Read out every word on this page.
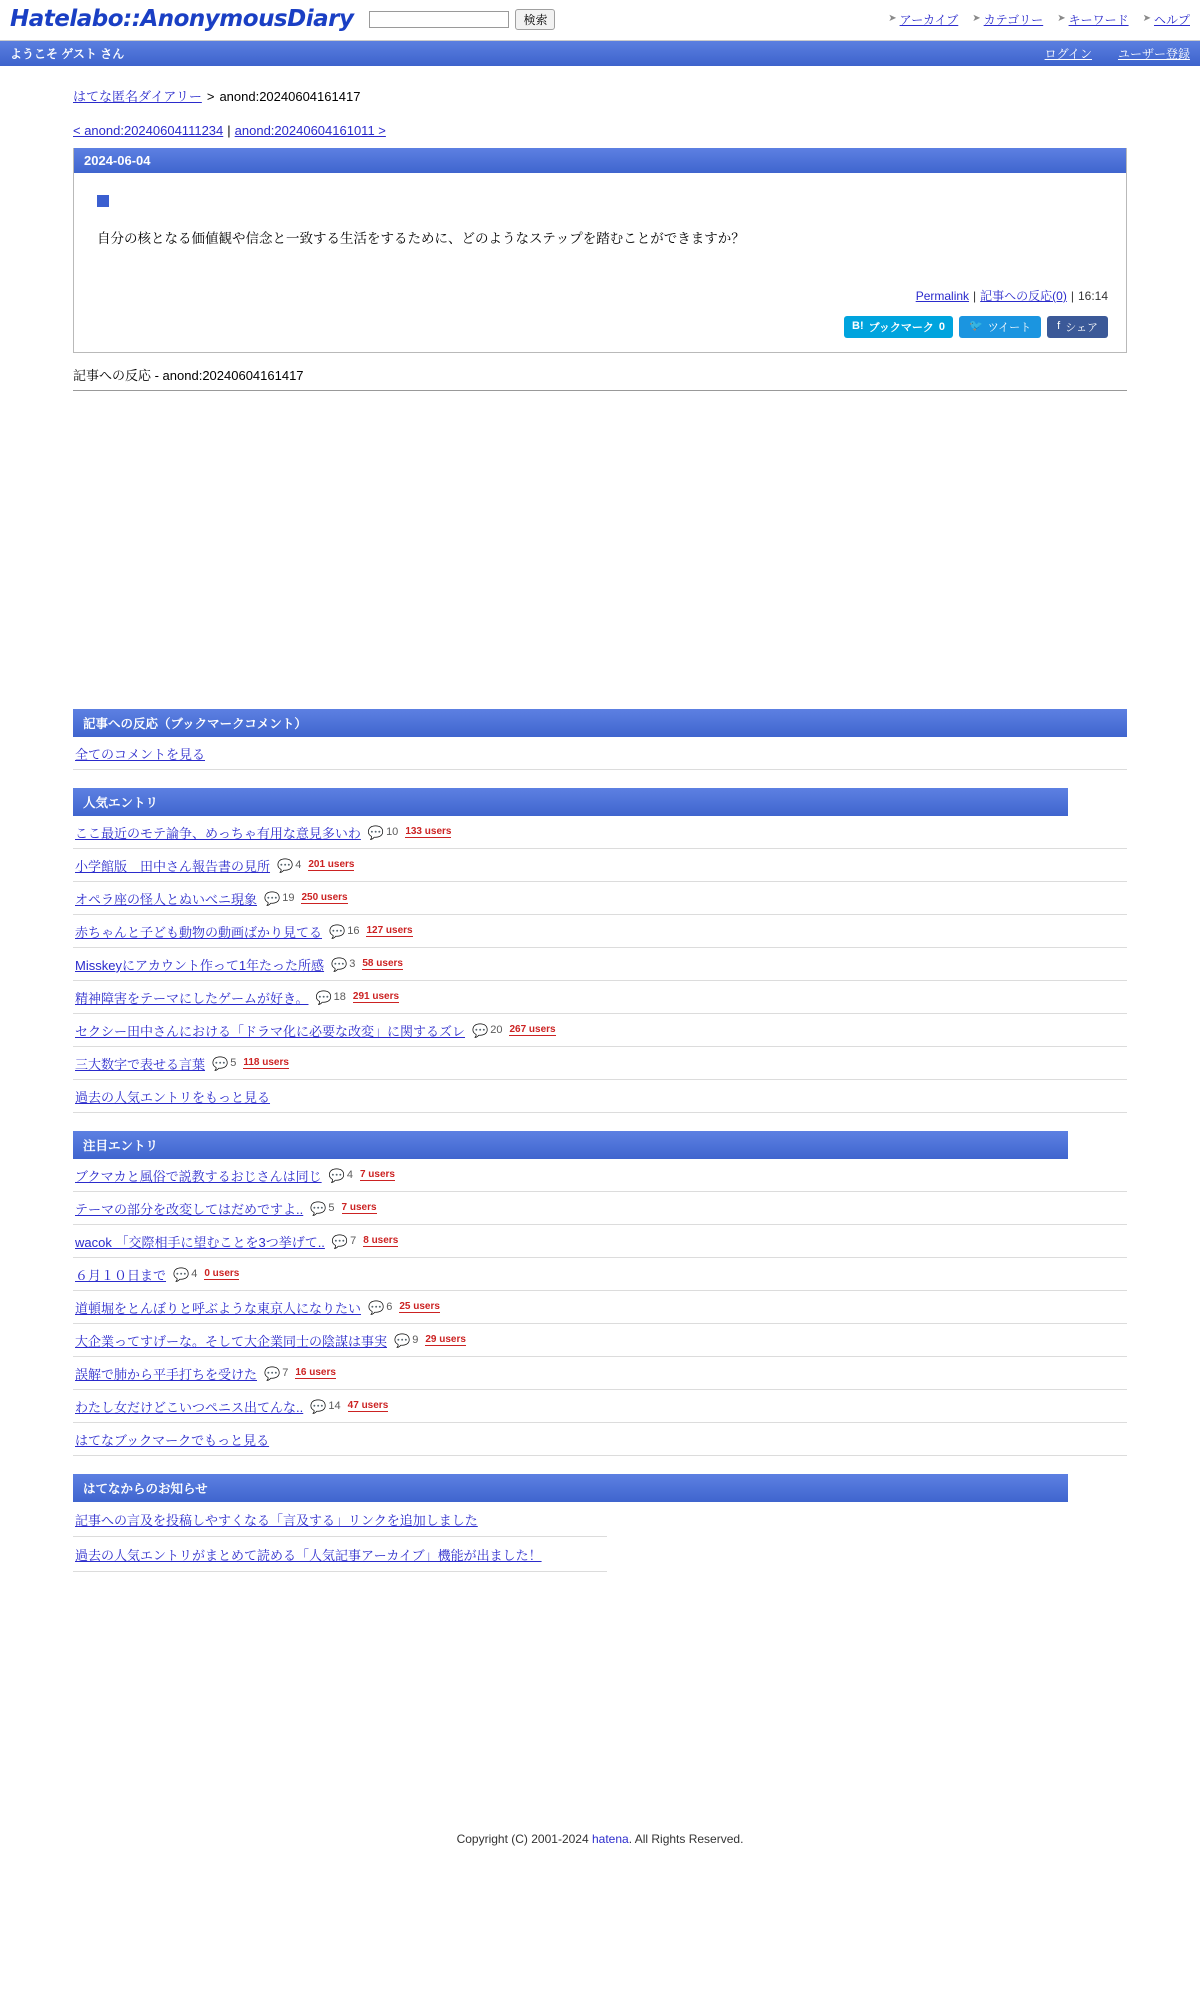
Hatelabo::AnonymousDiary	検索	➤ アーカイブ ➤ カテゴリー ➤ キーワード ➤ ヘルプ
ようこそ ゲスト さん	ログイン ユーザー登録
はてな匿名ダイアリー > anond:20240604161417
< anond:20240604111234 | anond:20240604161011 >
2024-06-04
自分の核となる価値観や信念と一致する生活をするために、どのようなステップを踏むことができますか？
Permalink | 記事への反応(0) | 16:14
B! ブックマーク 0 🐦 ツイート f シェア
記事への反応 - anond:20240604161417
記事への反応（ブックマークコメント）
全てのコメントを見る
人気エントリ
ここ最近のモテ論争、めっちゃ有用な意見多いわ 💬 10 133 users
小学館版　田中さん報告書の見所 💬 4 201 users
オペラ座の怪人とぬいべニ現象 💬 19 250 users
赤ちゃんと子ども動物の動画ばかり見てる 💬 16 127 users
Misskeyにアカウント作って1年たった所感 💬 3 58 users
精神障害をテーマにしたゲームが好き。 💬 18 291 users
セクシー田中さんにおける「ドラマ化に必要な改変」に関するズレ 💬 20 267 users
三大数字で表せる言葉 💬 5 118 users
過去の人気エントリをもっと見る
注目エントリ
ブクマカと風俗で説教するおじさんは同じ 💬 4 7 users
テーマの部分を改変してはだめですよ.. 💬 5 7 users
wacok 「交際相手に望むことを3つ挙げて.. 💬 7 8 users
６月１０日まで 💬 4 0 users
道頓堀をとんぼりと呼ぶような東京人になりたい 💬 6 25 users
大企業ってすげーな。そして大企業同士の陰謀は事実 💬 9 29 users
誤解で肺から平手打ちを受けた 💬 7 16 users
わたし女だけどこいつペニス出てんな.. 💬 14 47 users
はてなブックマークでもっと見る
はてなからのお知らせ
記事への言及を投稿しやすくなる「言及する」リンクを追加しました
過去の人気エントリがまとめて読める「人気記事アーカイブ」機能が出ました！
Copyright (C) 2001-2024 hatena. All Rights Reserved.
